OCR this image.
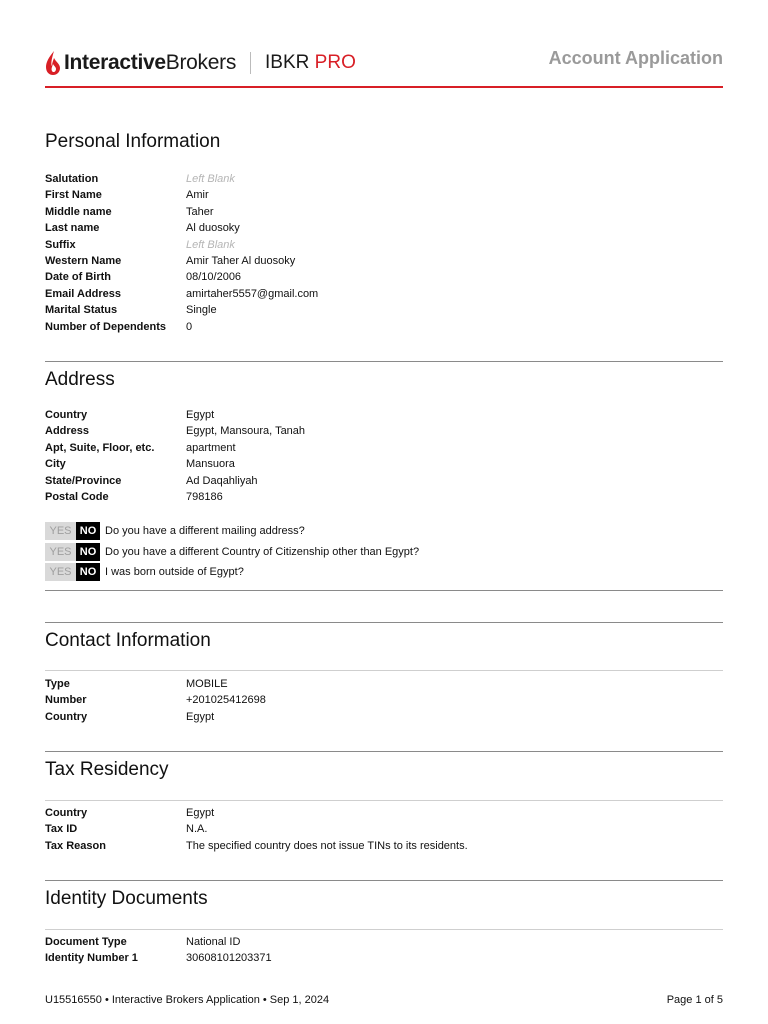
InteractiveBrokers IBKR PRO	Account Application
Personal Information
Salutation	Left Blank
First Name	Amir
Middle name	Taher
Last name	Al duosoky
Suffix	Left Blank
Western Name	Amir Taher Al duosoky
Date of Birth	08/10/2006
Email Address	amirtaher5557@gmail.com
Marital Status	Single
Number of Dependents	0
Address
Country	Egypt
Address	Egypt, Mansoura, Tanah
Apt, Suite, Floor, etc.	apartment
City	Mansuora
State/Province	Ad Daqahliyah
Postal Code	798186
YES NO Do you have a different mailing address?
YES NO Do you have a different Country of Citizenship other than Egypt?
YES NO I was born outside of Egypt?
Contact Information
Type	MOBILE
Number	+201025412698
Country	Egypt
Tax Residency
Country	Egypt
Tax ID	N.A.
Tax Reason	The specified country does not issue TINs to its residents.
Identity Documents
Document Type	National ID
Identity Number 1	30608101203371
U15516550 • Interactive Brokers Application • Sep 1, 2024	Page 1 of 5
